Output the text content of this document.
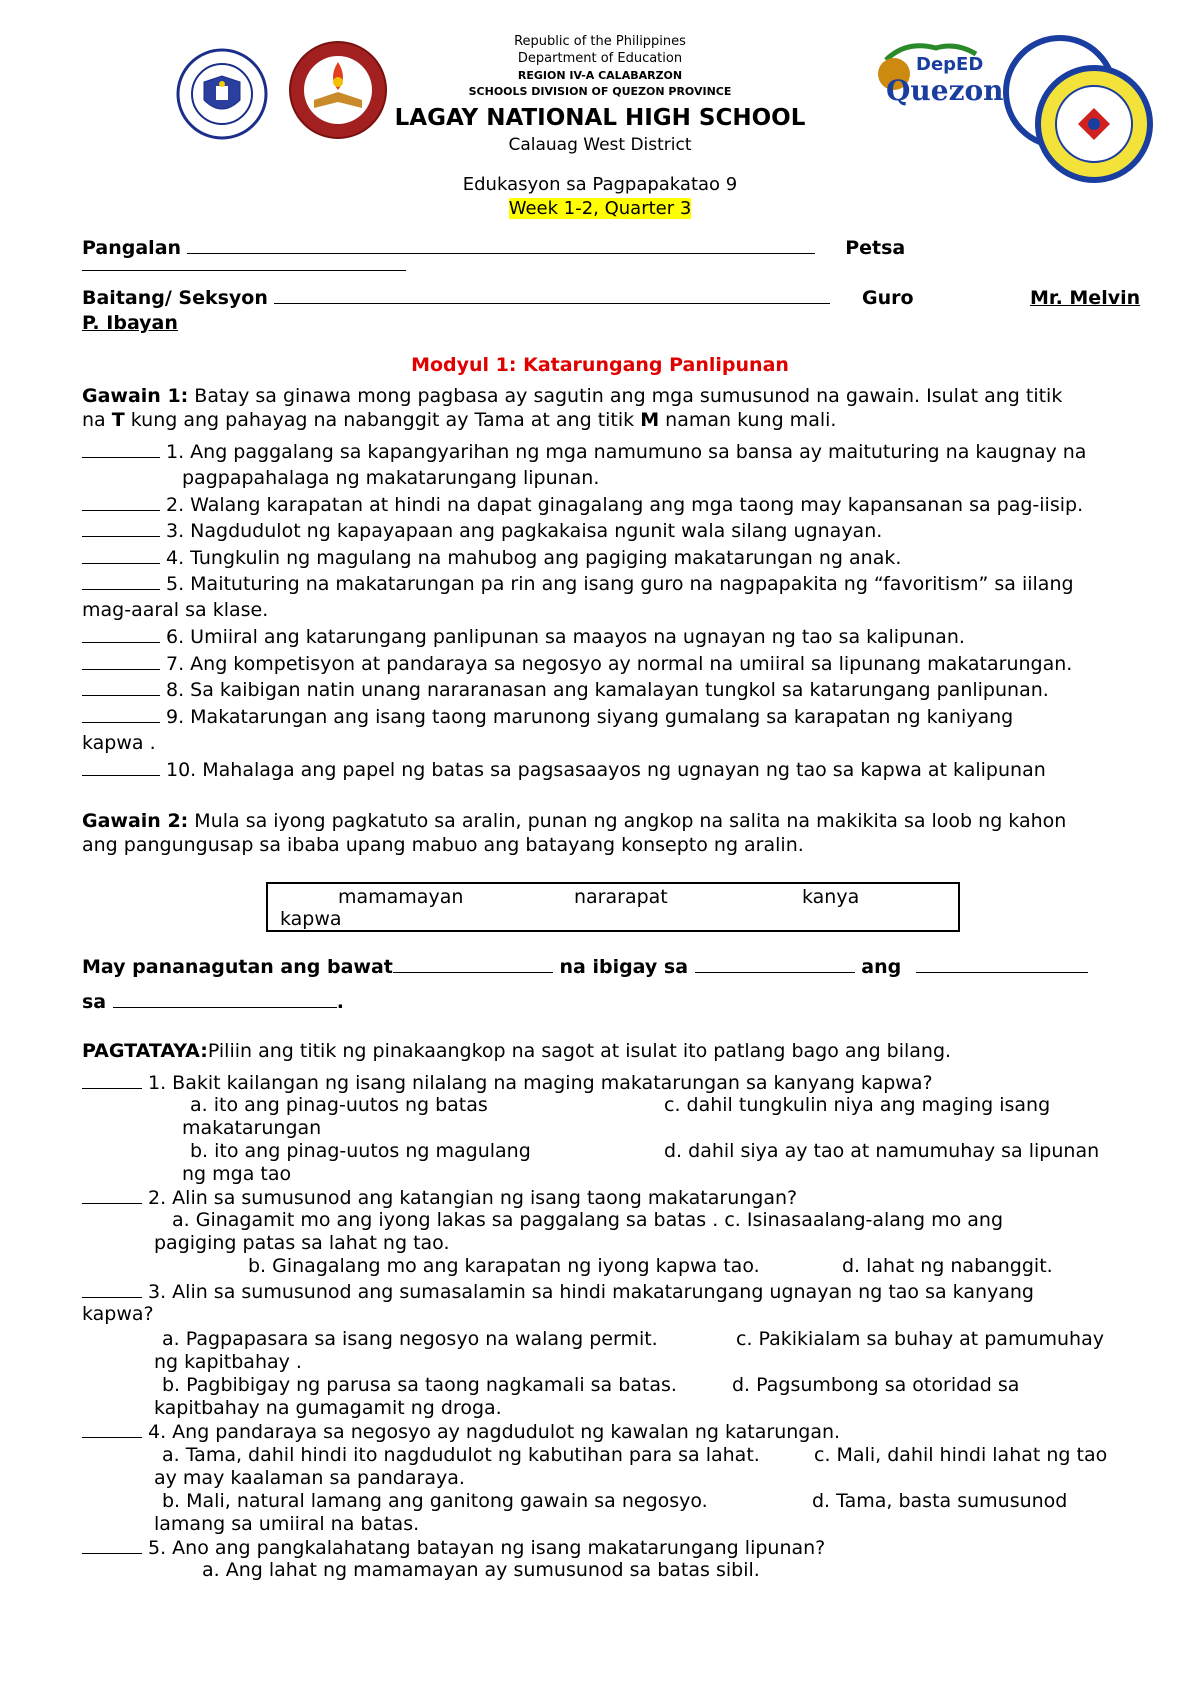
DepED
Quezon
Republic of the Philippines
Department of Education
REGION IV-A CALABARZON
SCHOOLS DIVISION OF QUEZON PROVINCE
LAGAY NATIONAL HIGH SCHOOL
Calauag West District
Edukasyon sa Pagpapakatao 9
Week 1-2, Quarter 3
Pangalan	Petsa
Baitang/ Seksyon	Guro	Mr. Melvin
P. Ibayan
Modyul 1: Katarungang Panlipunan
Gawain 1: Batay sa ginawa mong pagbasa ay sagutin ang mga sumusunod na gawain. Isulat ang titik
na T kung ang pahayag na nabanggit ay Tama at ang titik M naman kung mali.
1. Ang paggalang sa kapangyarihan ng mga namumuno sa bansa ay maituturing na kaugnay na
pagpapahalaga ng makatarungang lipunan.
2. Walang karapatan at hindi na dapat ginagalang ang mga taong may kapansanan sa pag-iisip.
3. Nagdudulot ng kapayapaan ang pagkakaisa ngunit wala silang ugnayan.
4. Tungkulin ng magulang na mahubog ang pagiging makatarungan ng anak.
5. Maituturing na makatarungan pa rin ang isang guro na nagpapakita ng “favoritism” sa iilang
mag-aaral sa klase.
6. Umiiral ang katarungang panlipunan sa maayos na ugnayan ng tao sa kalipunan.
7. Ang kompetisyon at pandaraya sa negosyo ay normal na umiiral sa lipunang makatarungan.
8. Sa kaibigan natin unang nararanasan ang kamalayan tungkol sa katarungang panlipunan.
9. Makatarungan ang isang taong marunong siyang gumalang sa karapatan ng kaniyang
kapwa .
10. Mahalaga ang papel ng batas sa pagsasaayos ng ugnayan ng tao sa kapwa at kalipunan
Gawain 2: Mula sa iyong pagkatuto sa aralin, punan ng angkop na salita na makikita sa loob ng kahon
ang pangungusap sa ibaba upang mabuo ang batayang konsepto ng aralin.
mamamayan	nararapat	kanya
kapwa
May pananagutan ang bawat	na ibigay sa	ang
sa	.
PAGTATAYA:Piliin ang titik ng pinakaangkop na sagot at isulat ito patlang bago ang bilang.
1. Bakit kailangan ng isang nilalang na maging makatarungan sa kanyang kapwa?
a. ito ang pinag-uutos ng batas	c. dahil tungkulin niya ang maging isang
makatarungan
b. ito ang pinag-uutos ng magulang	d. dahil siya ay tao at namumuhay sa lipunan
ng mga tao
2. Alin sa sumusunod ang katangian ng isang taong makatarungan?
a. Ginagamit mo ang iyong lakas sa paggalang sa batas . c. Isinasaalang-alang mo ang
pagiging patas sa lahat ng tao.
b. Ginagalang mo ang karapatan ng iyong kapwa tao.	d. lahat ng nabanggit.
3. Alin sa sumusunod ang sumasalamin sa hindi makatarungang ugnayan ng tao sa kanyang
kapwa?
a. Pagpapasara sa isang negosyo na walang permit.	c. Pakikialam sa buhay at pamumuhay
ng kapitbahay .
b. Pagbibigay ng parusa sa taong nagkamali sa batas.	d. Pagsumbong sa otoridad sa
kapitbahay na gumagamit ng droga.
4. Ang pandaraya sa negosyo ay nagdudulot ng kawalan ng katarungan.
a. Tama, dahil hindi ito nagdudulot ng kabutihan para sa lahat.	c. Mali, dahil hindi lahat ng tao
ay may kaalaman sa pandaraya.
b. Mali, natural lamang ang ganitong gawain sa negosyo.	d. Tama, basta sumusunod
lamang sa umiiral na batas.
5. Ano ang pangkalahatang batayan ng isang makatarungang lipunan?
a. Ang lahat ng mamamayan ay sumusunod sa batas sibil.
